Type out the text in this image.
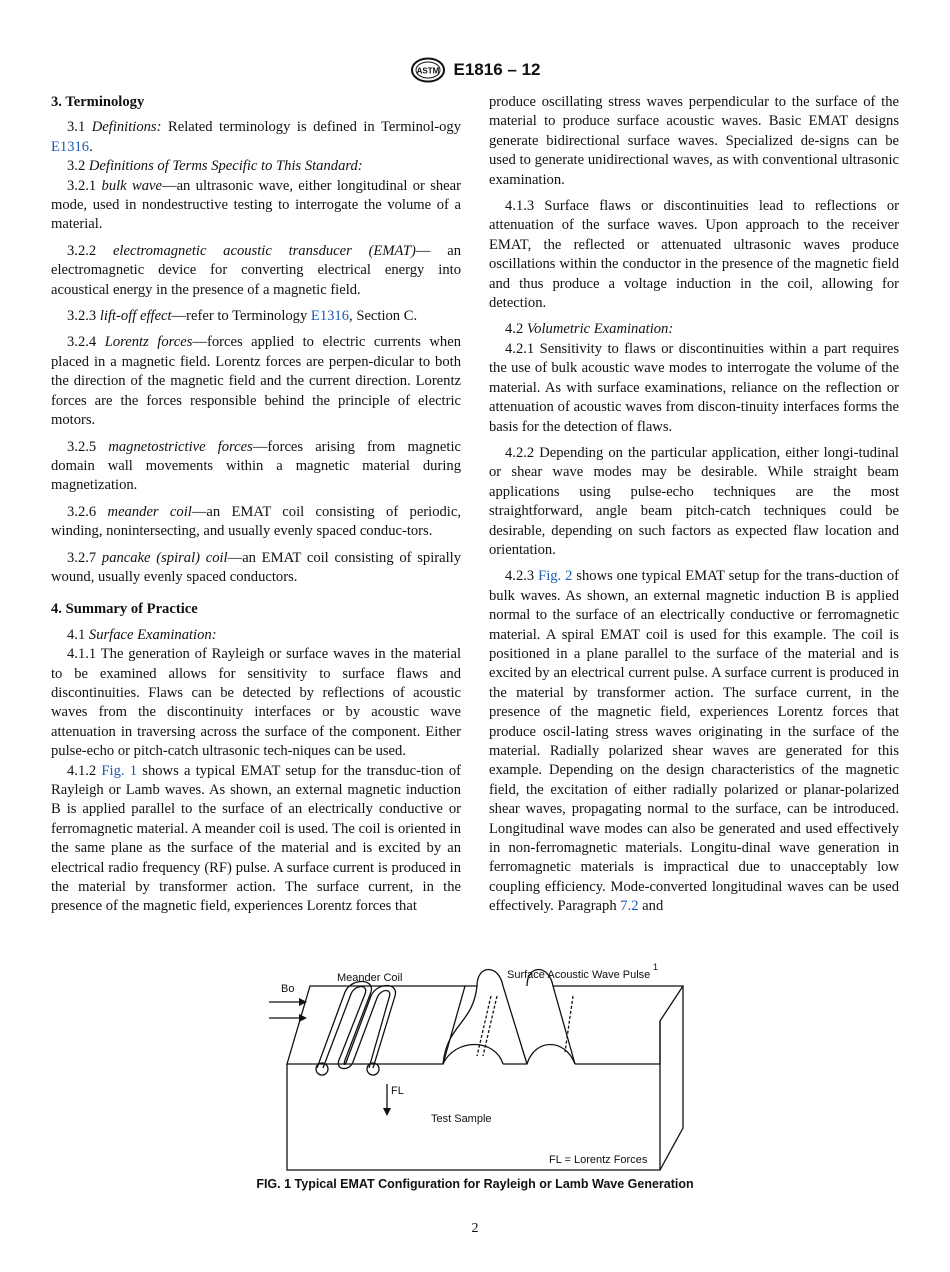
ASTM E1816 – 12
3. Terminology

3.1 Definitions: Related terminology is defined in Terminol-ogy E1316.

3.2 Definitions of Terms Specific to This Standard:

3.2.1 bulk wave—an ultrasonic wave, either longitudinal or shear mode, used in nondestructive testing to interrogate the volume of a material.

3.2.2 electromagnetic acoustic transducer (EMAT)— an electromagnetic device for converting electrical energy into acoustical energy in the presence of a magnetic field.

3.2.3 lift-off effect—refer to Terminology E1316, Section C.

3.2.4 Lorentz forces—forces applied to electric currents when placed in a magnetic field. Lorentz forces are perpen-dicular to both the direction of the magnetic field and the current direction. Lorentz forces are the forces responsible behind the principle of electric motors.

3.2.5 magnetostrictive forces—forces arising from magnetic domain wall movements within a magnetic material during magnetization.

3.2.6 meander coil—an EMAT coil consisting of periodic, winding, nonintersecting, and usually evenly spaced conduc-tors.

3.2.7 pancake (spiral) coil—an EMAT coil consisting of spirally wound, usually evenly spaced conductors.

4. Summary of Practice

4.1 Surface Examination:

4.1.1 The generation of Rayleigh or surface waves in the material to be examined allows for sensitivity to surface flaws and discontinuities. Flaws can be detected by reflections of acoustic waves from the discontinuity interfaces or by acoustic wave attenuation in traversing across the surface of the component. Either pulse-echo or pitch-catch ultrasonic tech-niques can be used.

4.1.2 Fig. 1 shows a typical EMAT setup for the transduc-tion of Rayleigh or Lamb waves. As shown, an external magnetic induction B is applied parallel to the surface of an electrically conductive or ferromagnetic material. A meander coil is used. The coil is oriented in the same plane as the surface of the material and is excited by an electrical radio frequency (RF) pulse. A surface current is produced in the material by transformer action. The surface current, in the presence of the magnetic field, experiences Lorentz forces that

produce oscillating stress waves perpendicular to the surface of the material to produce surface acoustic waves. Basic EMAT designs generate bidirectional surface waves. Specialized de-signs can be used to generate unidirectional waves, as with conventional ultrasonic examination.

4.1.3 Surface flaws or discontinuities lead to reflections or attenuation of the surface waves. Upon approach to the receiver EMAT, the reflected or attenuated ultrasonic waves produce oscillations within the conductor in the presence of the magnetic field and thus produce a voltage induction in the coil, allowing for detection.

4.2 Volumetric Examination:

4.2.1 Sensitivity to flaws or discontinuities within a part requires the use of bulk acoustic wave modes to interrogate the volume of the material. As with surface examinations, reliance on the reflection or attenuation of acoustic waves from discon-tinuity interfaces forms the basis for the detection of flaws.

4.2.2 Depending on the particular application, either longi-tudinal or shear wave modes may be desirable. While straight beam applications using pulse-echo techniques are the most straightforward, angle beam pitch-catch techniques could be desirable, depending on such factors as expected flaw location and orientation.

4.2.3 Fig. 2 shows one typical EMAT setup for the trans-duction of bulk waves. As shown, an external magnetic induction B is applied normal to the surface of an electrically conductive or ferromagnetic material. A spiral EMAT coil is used for this example. The coil is positioned in a plane parallel to the surface of the material and is excited by an electrical current pulse. A surface current is produced in the material by transformer action. The surface current, in the presence of the magnetic field, experiences Lorentz forces that produce oscil-lating stress waves originating in the surface of the material. Radially polarized shear waves are generated for this example. Depending on the design characteristics of the magnetic field, the excitation of either radially polarized or planar-polarized shear waves, propagating normal to the surface, can be introduced. Longitudinal wave modes can also be generated and used effectively in non-ferromagnetic materials. Longitu-dinal wave generation in ferromagnetic materials is impractical due to unacceptably low coupling efficiency. Mode-converted longitudinal waves can be used effectively. Paragraph 7.2 and

Bo
Meander Coil	Surface Acoustic Wave Pulse
1
FL
Test Sample
FL = Lorentz Forces
FIG. 1 Typical EMAT Configuration for Rayleigh or Lamb Wave Generation
2
